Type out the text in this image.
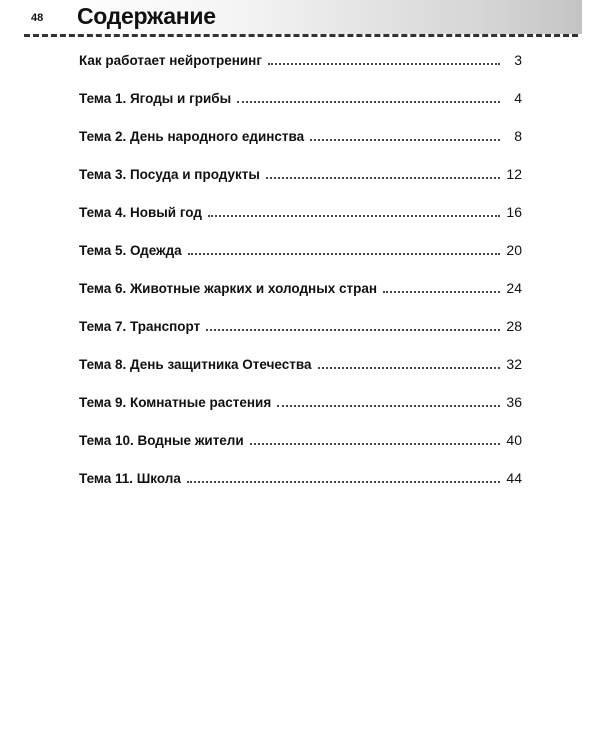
48 Содержание
Как работает нейротренинг	3
Тема 1. Ягоды и грибы	4
Тема 2. День народного единства	8
Тема 3. Посуда и продукты	12
Тема 4. Новый год	16
Тема 5. Одежда	20
Тема 6. Животные жарких и холодных стран	24
Тема 7. Транспорт	28
Тема 8. День защитника Отечества	32
Тема 9. Комнатные растения	36
Тема 10. Водные жители	40
Тема 11. Школа	44
